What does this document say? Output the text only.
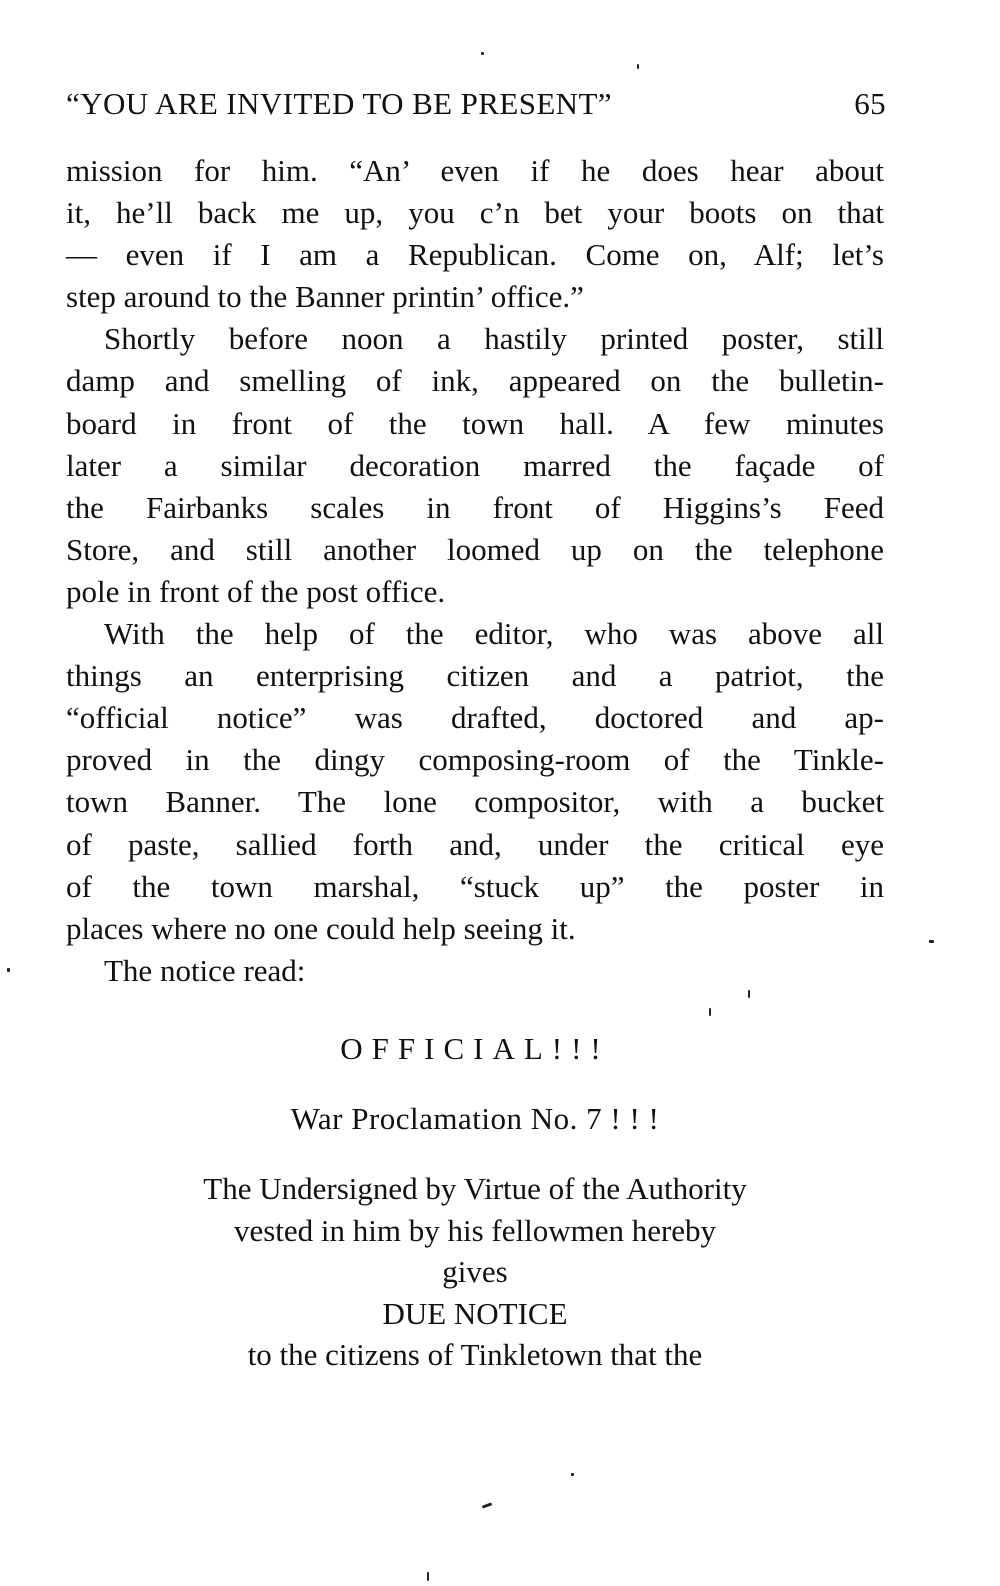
“YOU ARE INVITED TO BE PRESENT”	65
mission for him. “An’ even if he does hear about
it, he’ll back me up, you c’n bet your boots on that
— even if I am a Republican. Come on, Alf; let’s
step around to the Banner printin’ office.”
Shortly before noon a hastily printed poster, still
damp and smelling of ink, appeared on the bulletin-
board in front of the town hall. A few minutes
later a similar decoration marred the façade of
the Fairbanks scales in front of Higgins’s Feed
Store, and still another loomed up on the telephone
pole in front of the post office.
With the help of the editor, who was above all
things an enterprising citizen and a patriot, the
“official notice” was drafted, doctored and ap-
proved in the dingy composing-room of the Tinkle-
town Banner. The lone compositor, with a bucket
of paste, sallied forth and, under the critical eye
of the town marshal, “stuck up” the poster in
places where no one could help seeing it.
The notice read:
OFFICIAL!!!
War Proclamation No. 7 ! ! !
The Undersigned by Virtue of the Authority
vested in him by his fellowmen hereby
gives
DUE NOTICE
to the citizens of Tinkletown that the
